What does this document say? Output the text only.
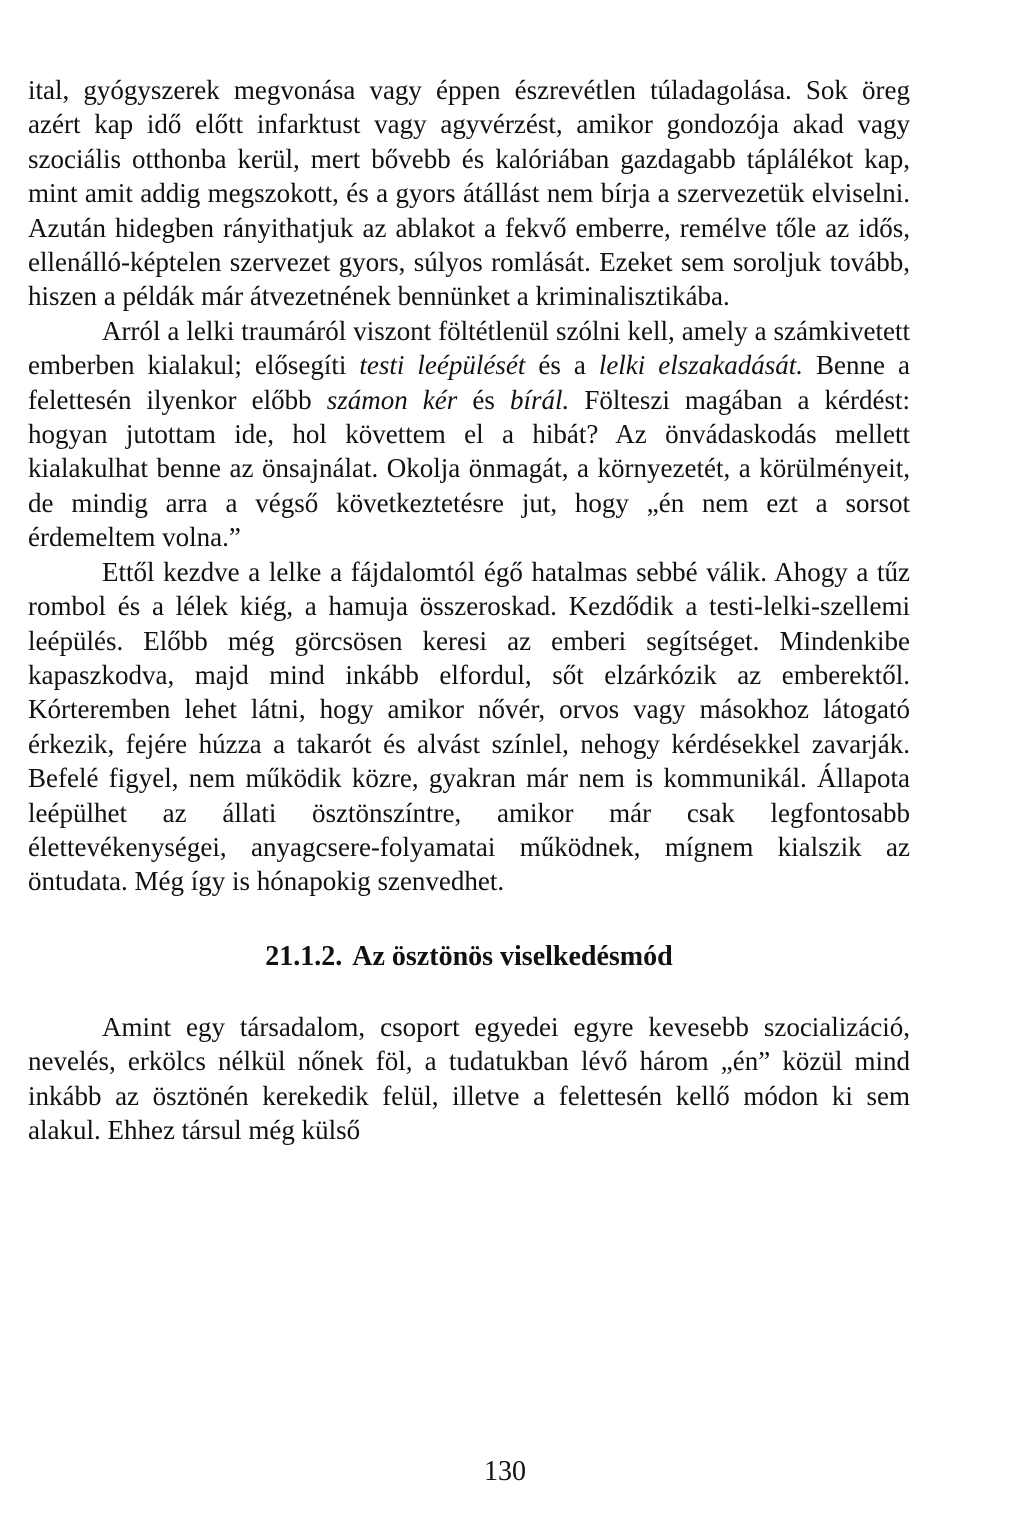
ital, gyógyszerek megvonása vagy éppen észrevétlen túladagolása. Sok öreg azért kap idő előtt infarktust vagy agyvérzést, amikor gondozója akad vagy szociális otthonba kerül, mert bővebb és kalóriában gazdagabb táplálékot kap, mint amit addig megszokott, és a gyors átállást nem bírja a szervezetük elviselni. Azután hidegben rányithatjuk az ablakot a fekvő emberre, remélve tőle az idős, ellenálló-képtelen szervezet gyors, súlyos romlását. Ezeket sem soroljuk tovább, hiszen a példák már átvezetnének bennünket a kriminalisztikába.

Arról a lelki traumáról viszont föltétlenül szólni kell, amely a számkivetett emberben kialakul; elősegíti testi leépülését és a lelki elszakadását. Benne a felettesén ilyenkor előbb számon kér és bírál. Fölteszi magában a kérdést: hogyan jutottam ide, hol követtem el a hibát? Az önvádaskodás mellett kialakulhat benne az önsajnálat. Okolja önmagát, a környezetét, a körülményeit, de mindig arra a végső következtetésre jut, hogy „én nem ezt a sorsot érdemeltem volna.”

Ettől kezdve a lelke a fájdalomtól égő hatalmas sebbé válik. Ahogy a tűz rombol és a lélek kiég, a hamuja összeroskad. Kezdődik a testi-lelki-szellemi leépülés. Előbb még görcsösen keresi az emberi segítséget. Mindenkibe kapaszkodva, majd mind inkább elfordul, sőt elzárkózik az emberektől. Kórteremben lehet látni, hogy amikor nővér, orvos vagy másokhoz látogató érkezik, fejére húzza a takarót és alvást színlel, nehogy kérdésekkel zavarják. Befelé figyel, nem működik közre, gyakran már nem is kommunikál. Állapota leépülhet az állati ösztönszíntre, amikor már csak legfontosabb élettevékenységei, anyagcsere-folyamatai működnek, mígnem kialszik az öntudata. Még így is hónapokig szenvedhet.

21.1.2. Az ösztönös viselkedésmód

Amint egy társadalom, csoport egyedei egyre kevesebb szocializáció, nevelés, erkölcs nélkül nőnek föl, a tudatukban lévő három „én” közül mind inkább az ösztönén kerekedik felül, illetve a felettesén kellő módon ki sem alakul. Ehhez társul még külső

130
